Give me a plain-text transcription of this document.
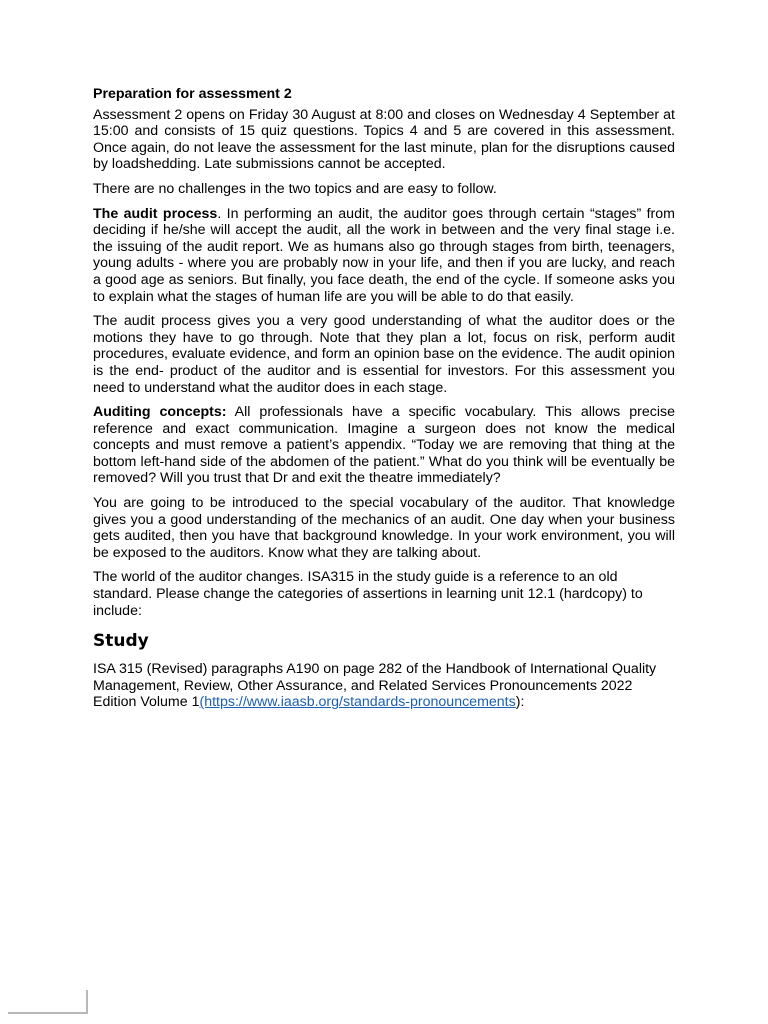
Preparation for assessment 2

Assessment 2 opens on Friday 30 August at 8:00 and closes on Wednesday 4 September at 15:00 and consists of 15 quiz questions. Topics 4 and 5 are covered in this assessment. Once again, do not leave the assessment for the last minute, plan for the disruptions caused by loadshedding. Late submissions cannot be accepted.

There are no challenges in the two topics and are easy to follow.

The audit process. In performing an audit, the auditor goes through certain “stages” from deciding if he/she will accept the audit, all the work in between and the very final stage i.e. the issuing of the audit report. We as humans also go through stages from birth, teenagers, young adults - where you are probably now in your life, and then if you are lucky, and reach a good age as seniors. But finally, you face death, the end of the cycle. If someone asks you to explain what the stages of human life are you will be able to do that easily.

The audit process gives you a very good understanding of what the auditor does or the motions they have to go through. Note that they plan a lot, focus on risk, perform audit procedures, evaluate evidence, and form an opinion base on the evidence. The audit opinion is the end- product of the auditor and is essential for investors. For this assessment you need to understand what the auditor does in each stage.

Auditing concepts: All professionals have a specific vocabulary. This allows precise reference and exact communication. Imagine a surgeon does not know the medical concepts and must remove a patient’s appendix. “Today we are removing that thing at the bottom left-hand side of the abdomen of the patient.” What do you think will be eventually be removed? Will you trust that Dr and exit the theatre immediately?

You are going to be introduced to the special vocabulary of the auditor. That knowledge gives you a good understanding of the mechanics of an audit. One day when your business gets audited, then you have that background knowledge. In your work environment, you will be exposed to the auditors. Know what they are talking about.

The world of the auditor changes. ISA315 in the study guide is a reference to an old standard. Please change the categories of assertions in learning unit 12.1 (hardcopy) to include:

Study

ISA 315 (Revised) paragraphs A190 on page 282 of the Handbook of International Quality Management, Review, Other Assurance, and Related Services Pronouncements 2022 Edition Volume 1(https://www.iaasb.org/standards-pronouncements):
